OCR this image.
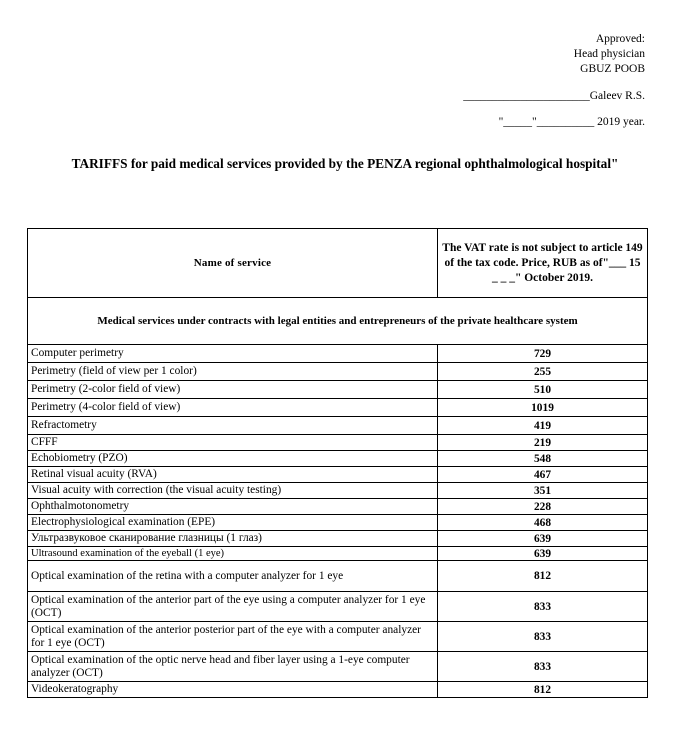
Approved:
Head physician
GBUZ POOB
______________________Galeev R.S.
"_____"__________ 2019 year.
TARIFFS for paid medical services provided by the PENZA regional ophthalmological hospital"
Name of service	The VAT rate is not subject to article 149 of the tax code. Price, RUB as of"___ 15 _ _ _" October 2019.
Medical services under contracts with legal entities and entrepreneurs of the private healthcare system	
Computer perimetry	729
Perimetry (field of view per 1 color)	255
Perimetry (2-color field of view)	510
Perimetry (4-color field of view)	1019
Refractometry	419
CFFF	219
Echobiometry (PZO)	548
Retinal visual acuity (RVA)	467
Visual acuity with correction (the visual acuity testing)	351
Ophthalmotonometry	228
Electrophysiological examination (EPE)	468
Ультразвуковое сканирование глазницы (1 глаз)	639
Ultrasound examination of the eyeball (1 eye)	639
Optical examination of the retina with a computer analyzer for 1 eye	812
Optical examination of the anterior part of the eye using a computer analyzer for 1 eye (OCT)	833
Optical examination of the anterior posterior part of the eye with a computer analyzer for 1 eye (OCT)	833
Optical examination of the optic nerve head and fiber layer using a 1-eye computer analyzer (OCT)	833
Videokeratography	812
